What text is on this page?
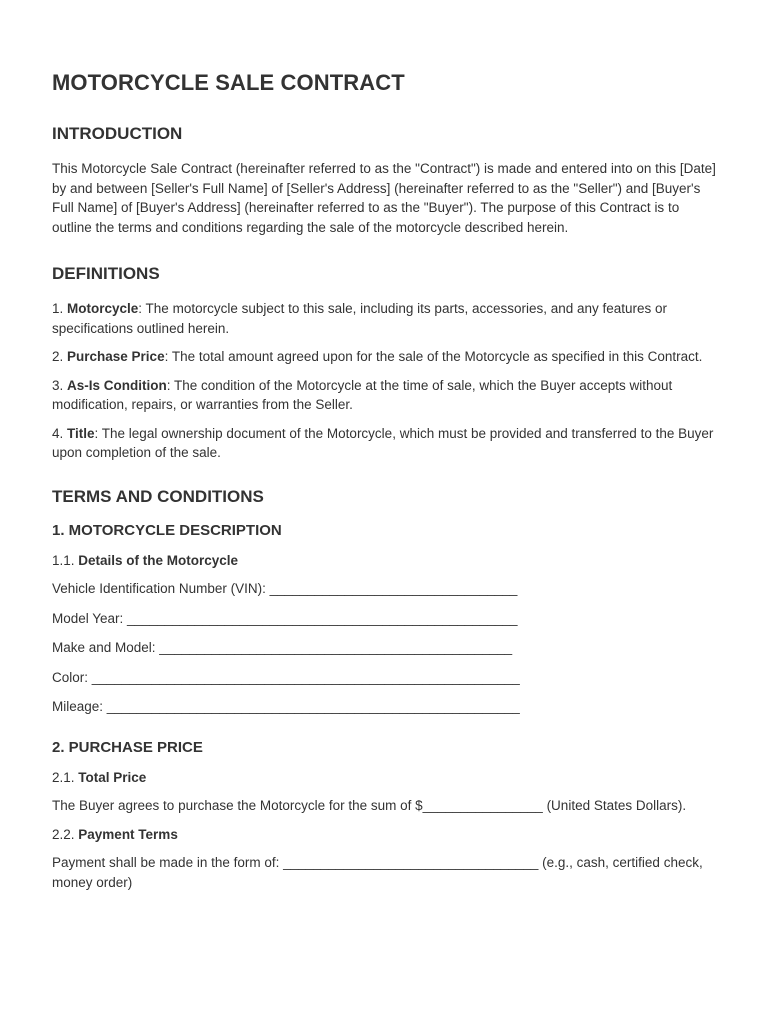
MOTORCYCLE SALE CONTRACT
INTRODUCTION

This Motorcycle Sale Contract (hereinafter referred to as the "Contract") is made and entered into on this [Date] by and between [Seller's Full Name] of [Seller's Address] (hereinafter referred to as the "Seller") and [Buyer's Full Name] of [Buyer's Address] (hereinafter referred to as the "Buyer"). The purpose of this Contract is to outline the terms and conditions regarding the sale of the motorcycle described herein.

DEFINITIONS

1. Motorcycle: The motorcycle subject to this sale, including its parts, accessories, and any features or specifications outlined herein.

2. Purchase Price: The total amount agreed upon for the sale of the Motorcycle as specified in this Contract.

3. As-Is Condition: The condition of the Motorcycle at the time of sale, which the Buyer accepts without modification, repairs, or warranties from the Seller.

4. Title: The legal ownership document of the Motorcycle, which must be provided and transferred to the Buyer upon completion of the sale.

TERMS AND CONDITIONS
1. MOTORCYCLE DESCRIPTION

1.1. Details of the Motorcycle

Vehicle Identification Number (VIN): _________________________________

Model Year: ____________________________________________________

Make and Model: _______________________________________________

Color: _________________________________________________________

Mileage: _______________________________________________________

2. PURCHASE PRICE

2.1. Total Price

The Buyer agrees to purchase the Motorcycle for the sum of $________________ (United States Dollars).

2.2. Payment Terms

Payment shall be made in the form of: __________________________________ (e.g., cash, certified check, money order)
